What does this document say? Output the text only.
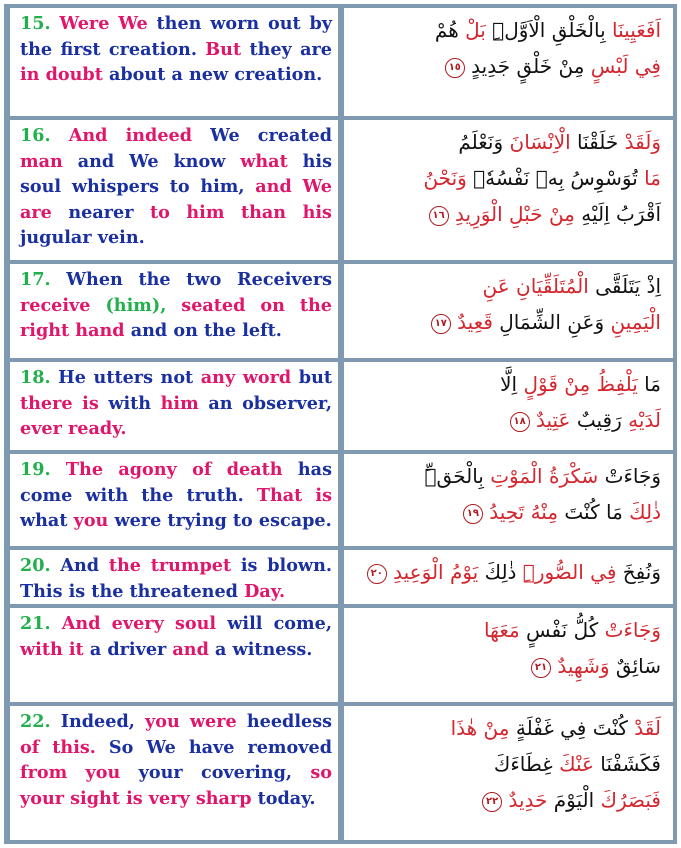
15. Were We then worn out by the first creation. But they are in doubt about a new creation.

اَفَعَيِينَا بِالْخَلْقِ الْاَوَّلِۜ بَلْ هُمْ
فِي لَبْسٍ مِنْ خَلْقٍ جَدِيدٍ ١٥

16. And indeed We created man and We know what his soul whispers to him, and We are nearer to him than his jugular vein.

وَلَقَدْ خَلَقْنَا الْاِنْسَانَ وَنَعْلَمُ
مَا تُوَسْوِسُ بِهٖ نَفْسُهٗۚ وَنَحْنُ
اَقْرَبُ اِلَيْهِ مِنْ حَبْلِ الْوَرِيدِ ١٦

17. When the two Receivers receive (him), seated on the right hand and on the left.

اِذْ يَتَلَقَّى الْمُتَلَقِّيَانِ عَنِ
الْيَمِينِ وَعَنِ الشِّمَالِ قَعِيدٌ ١٧

18. He utters not any word but there is with him an observer, ever ready.

مَا يَلْفِظُ مِنْ قَوْلٍ اِلَّا
لَدَيْهِ رَقِيبٌ عَتِيدٌ ١٨

19. The agony of death has come with the truth. That is what you were trying to escape.

وَجَاءَتْ سَكْرَةُ الْمَوْتِ بِالْحَقِّۜ
ذٰلِكَ مَا كُنْتَ مِنْهُ تَحِيدُ ١٩

20. And the trumpet is blown. This is the threatened Day.

وَنُفِخَ فِي الصُّورِۜ ذٰلِكَ يَوْمُ الْوَعِيدِ ٢٠

21. And every soul will come, with it a driver and a witness.

وَجَاءَتْ كُلُّ نَفْسٍ مَعَهَا
سَائِقٌ وَشَهِيدٌ ٢١

22. Indeed, you were heedless of this. So We have removed from you your covering, so your sight is very sharp today.

لَقَدْ كُنْتَ فِي غَفْلَةٍ مِنْ هٰذَا
فَكَشَفْنَا عَنْكَ غِطَاءَكَ
فَبَصَرُكَ الْيَوْمَ حَدِيدٌ ٢٢
